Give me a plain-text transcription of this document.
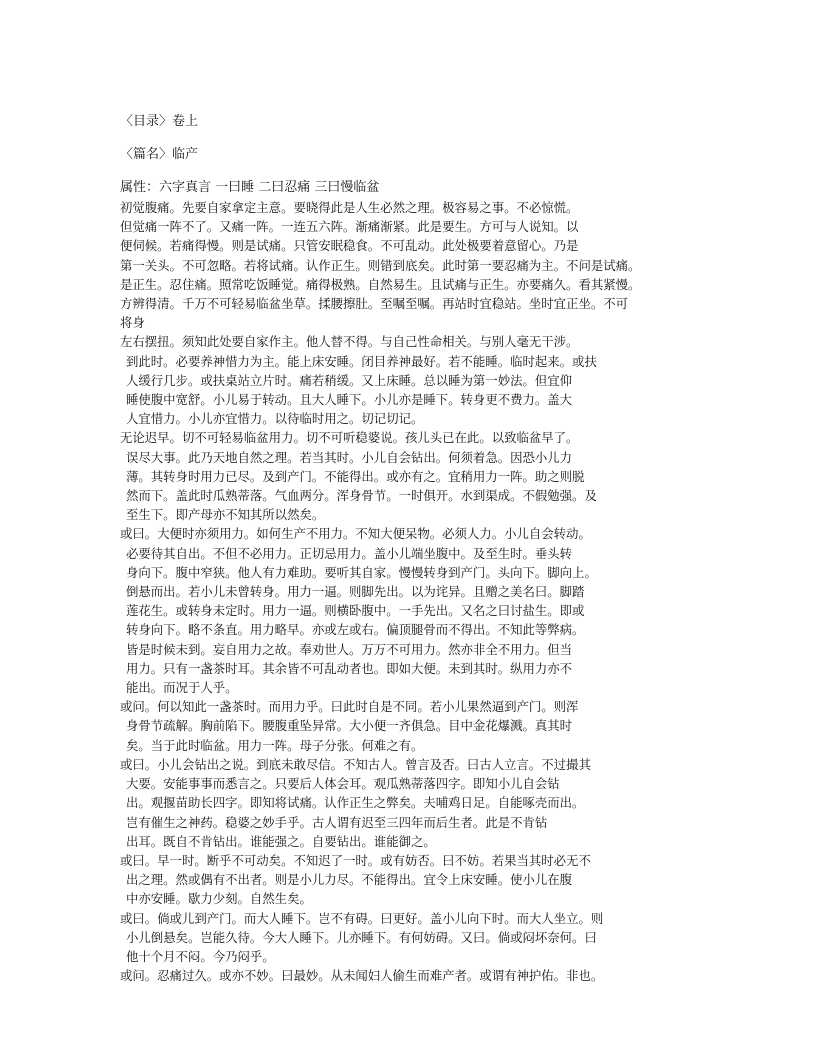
〈目录〉卷上

〈篇名〉临产

属性：六字真言 一曰睡 二曰忍痛 三曰慢临盆

初觉腹痛。先要自家拿定主意。要晓得此是人生必然之理。极容易之事。不必惊慌。

但觉痛一阵不了。又痛一阵。一连五六阵。渐痛渐紧。此是要生。方可与人说知。以

便伺候。若痛得慢。则是试痛。只管安眠稳食。不可乱动。此处极要着意留心。乃是

第一关头。不可忽略。若将试痛。认作正生。则错到底矣。此时第一要忍痛为主。不问是试痛。

是正生。忍住痛。照常吃饭睡觉。痛得极熟。自然易生。且试痛与正生。亦要痛久。看其紧慢。

方辨得清。千万不可轻易临盆坐草。揉腰擦肚。至嘱至嘱。再站时宜稳站。坐时宜正坐。不可

将身

左右摆扭。须知此处要自家作主。他人替不得。与自己性命相关。与别人毫无干涉。

到此时。必要养神惜力为主。能上床安睡。闭目养神最好。若不能睡。临时起来。或扶

人缓行几步。或扶桌站立片时。痛若稍缓。又上床睡。总以睡为第一妙法。但宜仰

睡使腹中宽舒。小儿易于转动。且大人睡下。小儿亦是睡下。转身更不费力。盖大

人宜惜力。小儿亦宜惜力。以待临时用之。切记切记。

无论迟早。切不可轻易临盆用力。切不可听稳婆说。孩儿头已在此。以致临盆早了。

误尽大事。此乃天地自然之理。若当其时。小儿自会钻出。何须着急。因恐小儿力

薄。其转身时用力已尽。及到产门。不能得出。或亦有之。宜稍用力一阵。助之则脱

然而下。盖此时瓜熟蒂落。气血两分。浑身骨节。一时俱开。水到渠成。不假勉强。及

至生下。即产母亦不知其所以然矣。

或曰。大便时亦须用力。如何生产不用力。不知大便呆物。必须人力。小儿自会转动。

必要待其自出。不但不必用力。正切忌用力。盖小儿端坐腹中。及至生时。垂头转

身向下。腹中窄狭。他人有力难助。要听其自家。慢慢转身到产门。头向下。脚向上。

倒悬而出。若小儿未曾转身。用力一逼。则脚先出。以为诧异。且赠之美名曰。脚踏

莲花生。或转身未定时。用力一逼。则横卧腹中。一手先出。又名之曰讨盐生。即或

转身向下。略不条直。用力略早。亦或左或右。偏顶腿骨而不得出。不知此等弊病。

皆是时候未到。妄自用力之故。奉劝世人。万万不可用力。然亦非全不用力。但当

用力。只有一盏茶时耳。其余皆不可乱动者也。即如大便。未到其时。纵用力亦不

能出。而况于人乎。

或问。何以知此一盏茶时。而用力乎。曰此时自是不同。若小儿果然逼到产门。则浑

身骨节疏解。胸前陷下。腰腹重坠异常。大小便一齐俱急。目中金花爆溅。真其时

矣。当于此时临盆。用力一阵。母子分张。何难之有。

或曰。小儿会钻出之说。到底未敢尽信。不知古人。曾言及否。曰古人立言。不过撮其

大要。安能事事而悉言之。只要后人体会耳。观瓜熟蒂落四字。即知小儿自会钻

出。观揠苗助长四字。即知将试痛。认作正生之弊矣。夫哺鸡日足。自能啄壳而出。

岂有催生之神药。稳婆之妙手乎。古人谓有迟至三四年而后生者。此是不肯钻

出耳。既自不肯钻出。谁能强之。自要钻出。谁能御之。

或曰。早一时。断乎不可动矣。不知迟了一时。或有妨否。曰不妨。若果当其时必无不

出之理。然或偶有不出者。则是小儿力尽。不能得出。宜令上床安睡。使小儿在腹

中亦安睡。歇力少刻。自然生矣。

或曰。倘或儿到产门。而大人睡下。岂不有碍。曰更好。盖小儿向下时。而大人坐立。则

小儿倒悬矣。岂能久待。今大人睡下。儿亦睡下。有何妨碍。又曰。倘或闷坏奈何。曰

他十个月不闷。今乃闷乎。

或问。忍痛过久。或亦不妙。曰最妙。从未闻妇人偷生而难产者。或谓有神护佑。非也。
